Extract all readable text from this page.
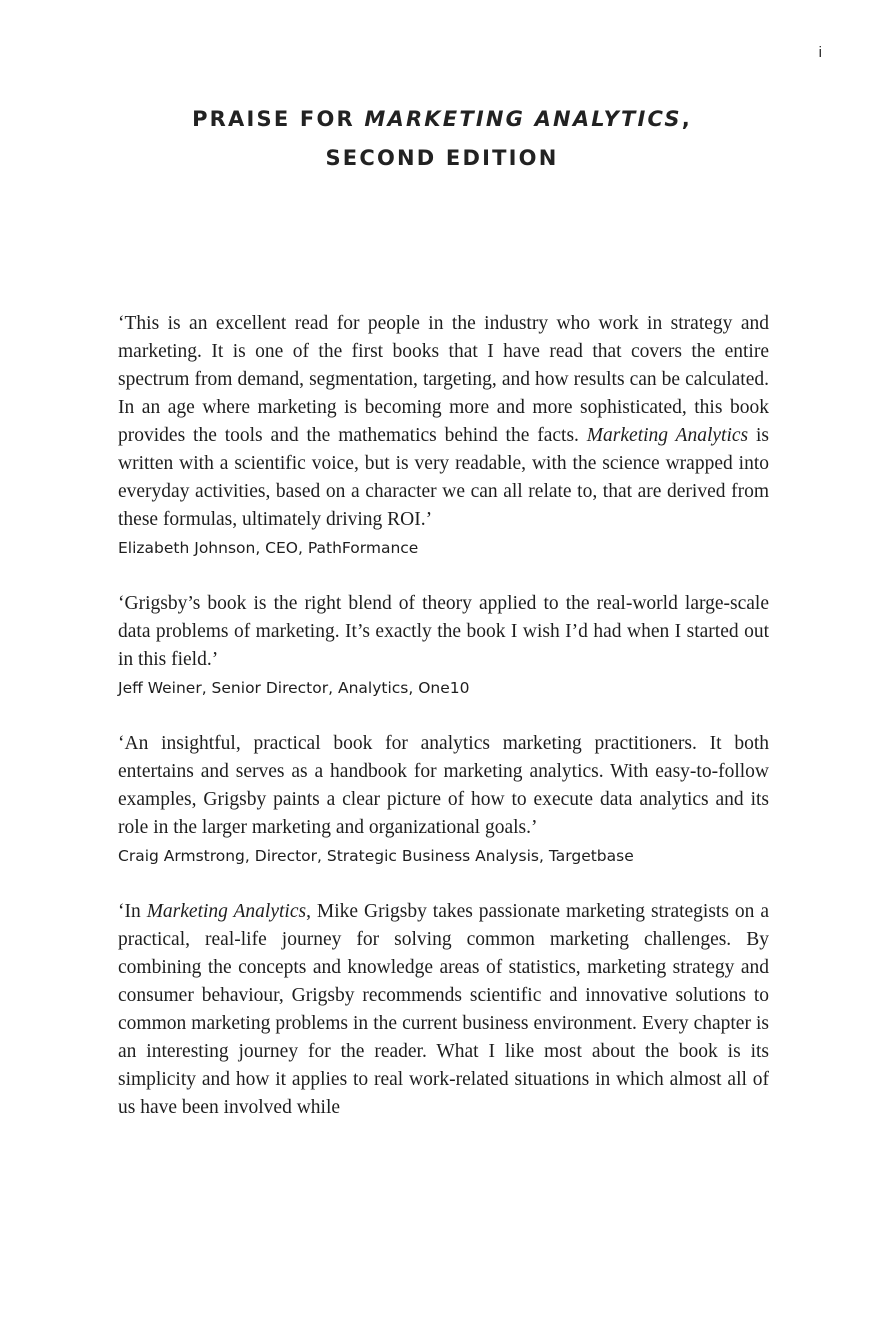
i
PRAISE FOR MARKETING ANALYTICS,
SECOND EDITION

‘This is an excellent read for people in the industry who work in strategy and marketing. It is one of the first books that I have read that covers the entire spectrum from demand, segmentation, targeting, and how results can be calculated. In an age where marketing is becoming more and more sophisticated, this book provides the tools and the mathematics behind the facts. Marketing Analytics is written with a scientific voice, but is very readable, with the science wrapped into everyday activities, based on a character we can all relate to, that are derived from these formulas, ultimately driving ROI.’

Elizabeth Johnson, CEO, PathFormance

‘Grigsby’s book is the right blend of theory applied to the real-world large-scale data problems of marketing. It’s exactly the book I wish I’d had when I started out in this field.’

Jeff Weiner, Senior Director, Analytics, One10

‘An insightful, practical book for analytics marketing practitioners. It both entertains and serves as a handbook for marketing analytics. With easy-to-follow examples, Grigsby paints a clear picture of how to execute data analytics and its role in the larger marketing and organizational goals.’

Craig Armstrong, Director, Strategic Business Analysis, Targetbase

‘In Marketing Analytics, Mike Grigsby takes passionate marketing strategists on a practical, real-life journey for solving common marketing challenges. By combining the concepts and knowledge areas of statistics, marketing strategy and consumer behaviour, Grigsby recommends scientific and innovative solutions to common marketing problems in the current business environment. Every chapter is an interesting journey for the reader. What I like most about the book is its simplicity and how it applies to real work-related situations in which almost all of us have been involved while
